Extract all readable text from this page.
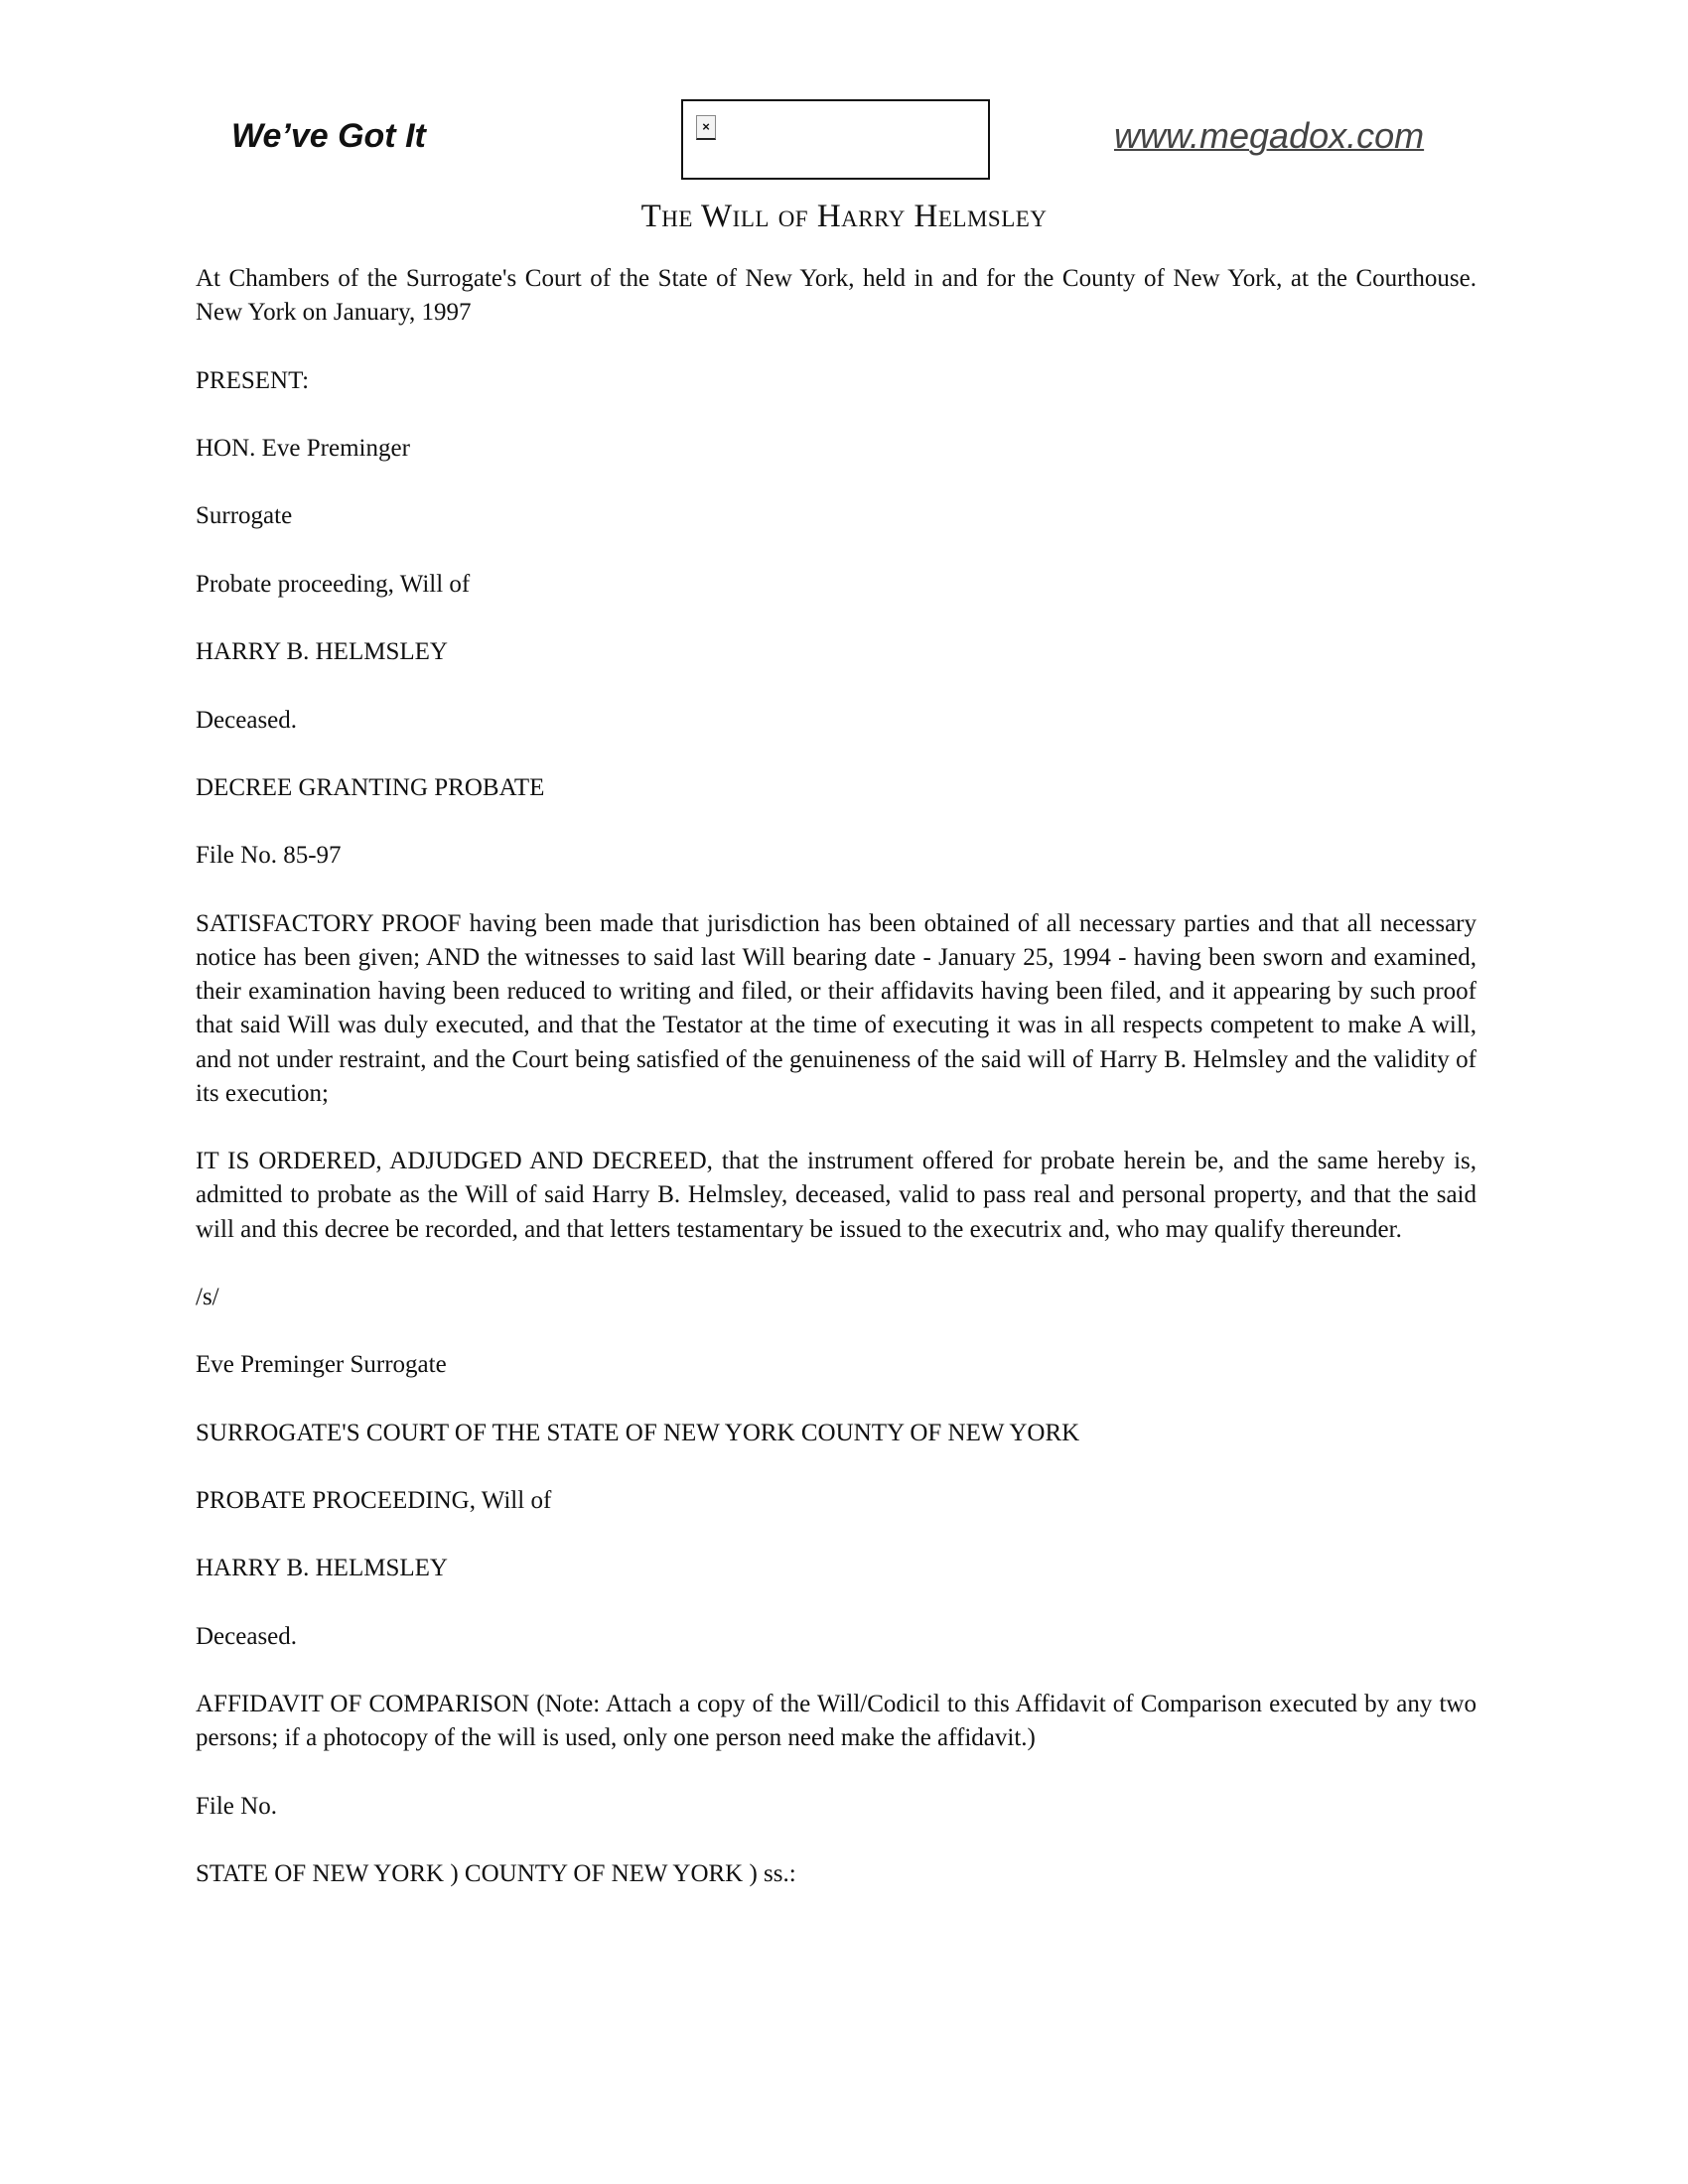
We’ve Got It	×	www.megadox.com
The Will of Harry Helmsley

At Chambers of the Surrogate's Court of the State of New York, held in and for the County of New York, at the Courthouse. New York on January, 1997

PRESENT:

HON. Eve Preminger

Surrogate

Probate proceeding, Will of

HARRY B. HELMSLEY

Deceased.

DECREE GRANTING PROBATE

File No. 85-97

SATISFACTORY PROOF having been made that jurisdiction has been obtained of all necessary parties and that all necessary notice has been given; AND the witnesses to said last Will bearing date - January 25, 1994 - having been sworn and examined, their examination having been reduced to writing and filed, or their affidavits having been filed, and it appearing by such proof that said Will was duly executed, and that the Testator at the time of executing it was in all respects competent to make A will, and not under restraint, and the Court being satisfied of the genuineness of the said will of Harry B. Helmsley and the validity of its execution;

IT IS ORDERED, ADJUDGED AND DECREED, that the instrument offered for probate herein be, and the same hereby is, admitted to probate as the Will of said Harry B. Helmsley, deceased, valid to pass real and personal property, and that the said will and this decree be recorded, and that letters testamentary be issued to the executrix and, who may qualify thereunder.

/s/

Eve Preminger Surrogate

SURROGATE'S COURT OF THE STATE OF NEW YORK COUNTY OF NEW YORK

PROBATE PROCEEDING, Will of

HARRY B. HELMSLEY

Deceased.

AFFIDAVIT OF COMPARISON (Note: Attach a copy of the Will/Codicil to this Affidavit of Comparison executed by any two persons; if a photocopy of the will is used, only one person need make the affidavit.)

File No.

STATE OF NEW YORK ) COUNTY OF NEW YORK ) ss.:
